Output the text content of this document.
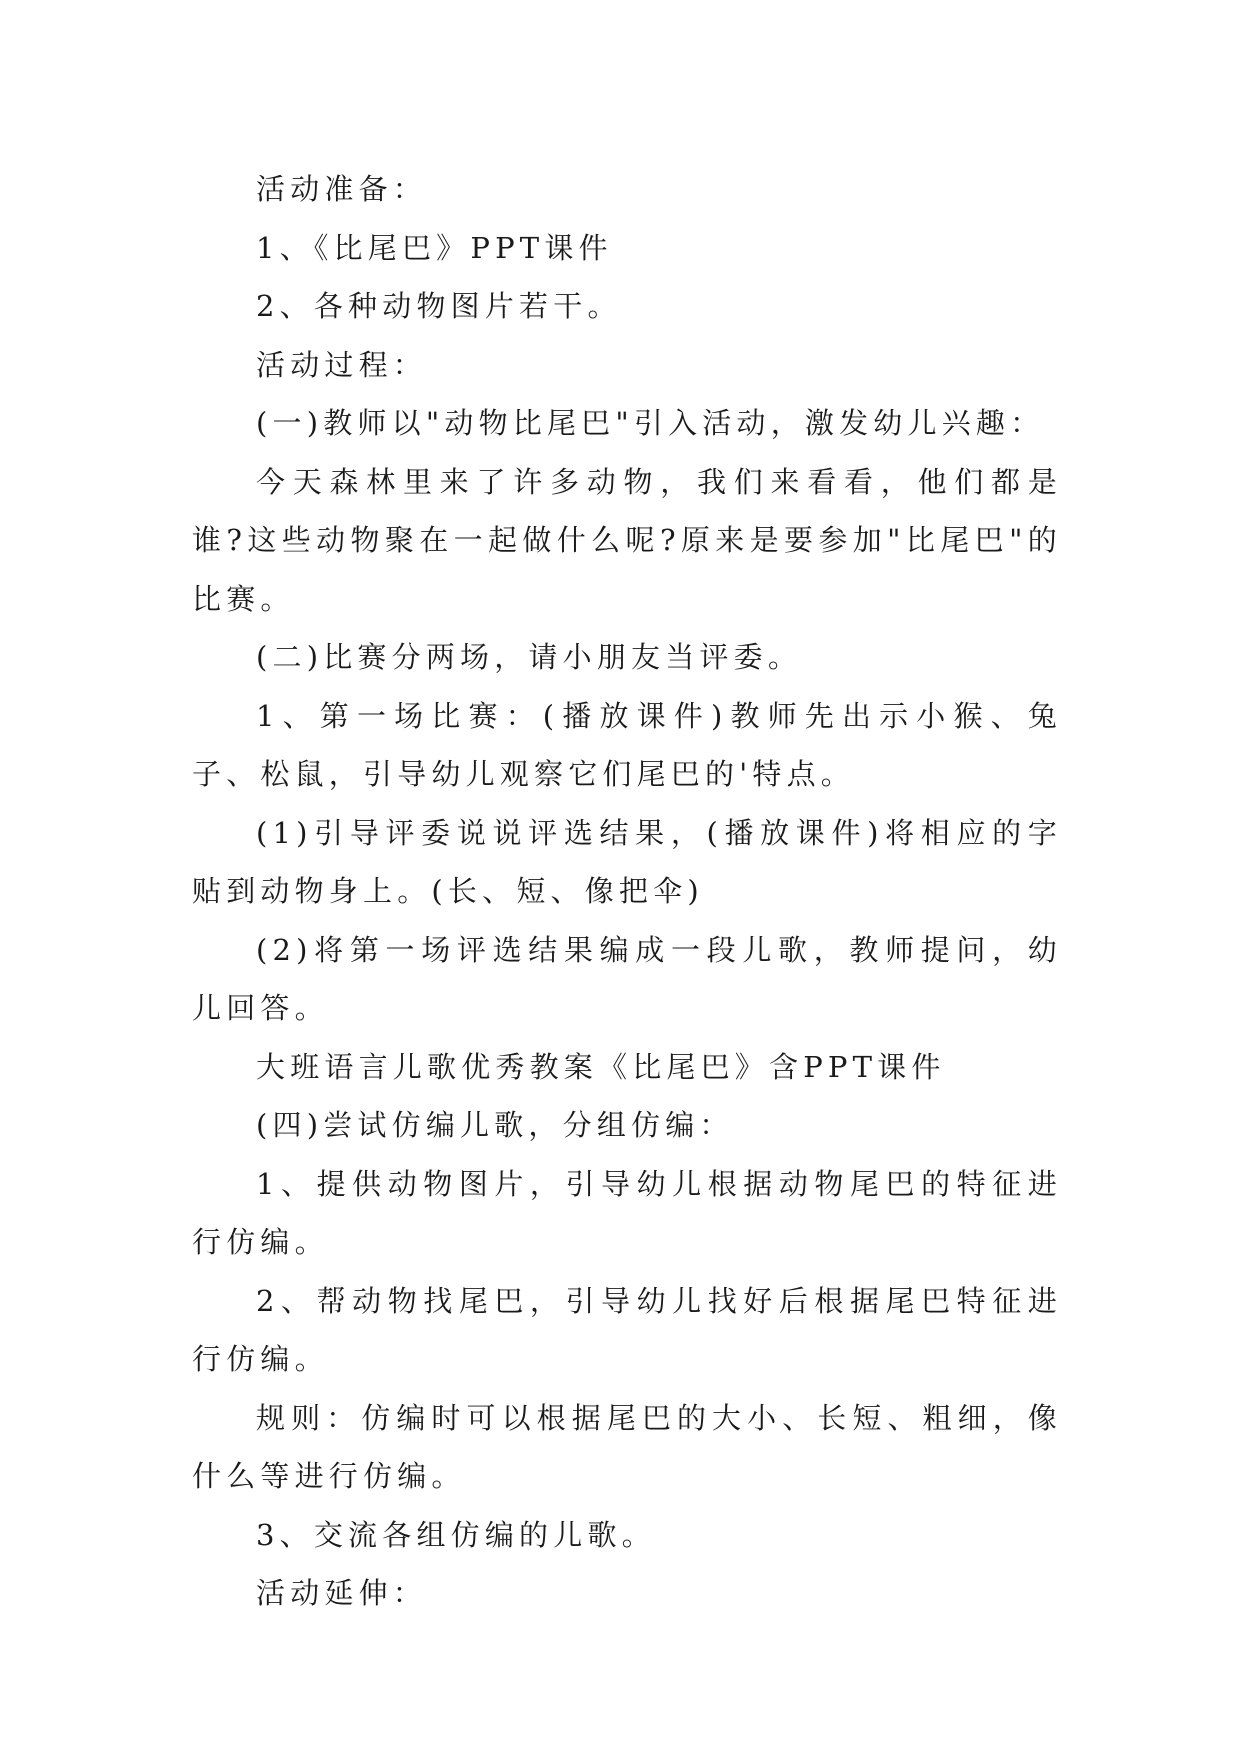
活动准备：

1、《比尾巴》PPT课件

2、各种动物图片若干。

活动过程：

(一)教师以"动物比尾巴"引入活动，激发幼儿兴趣：

今天森林里来了许多动物，我们来看看，他们都是谁?这些动物聚在一起做什么呢?原来是要参加"比尾巴"的比赛。

(二)比赛分两场，请小朋友当评委。

1、第一场比赛：(播放课件)教师先出示小猴、兔子、松鼠，引导幼儿观察它们尾巴的'特点。

(1)引导评委说说评选结果，(播放课件)将相应的字贴到动物身上。(长、短、像把伞)

(2)将第一场评选结果编成一段儿歌，教师提问，幼儿回答。

大班语言儿歌优秀教案《比尾巴》含PPT课件

(四)尝试仿编儿歌，分组仿编：

1、提供动物图片，引导幼儿根据动物尾巴的特征进行仿编。

2、帮动物找尾巴，引导幼儿找好后根据尾巴特征进行仿编。

规则：仿编时可以根据尾巴的大小、长短、粗细，像什么等进行仿编。

3、交流各组仿编的儿歌。

活动延伸：
